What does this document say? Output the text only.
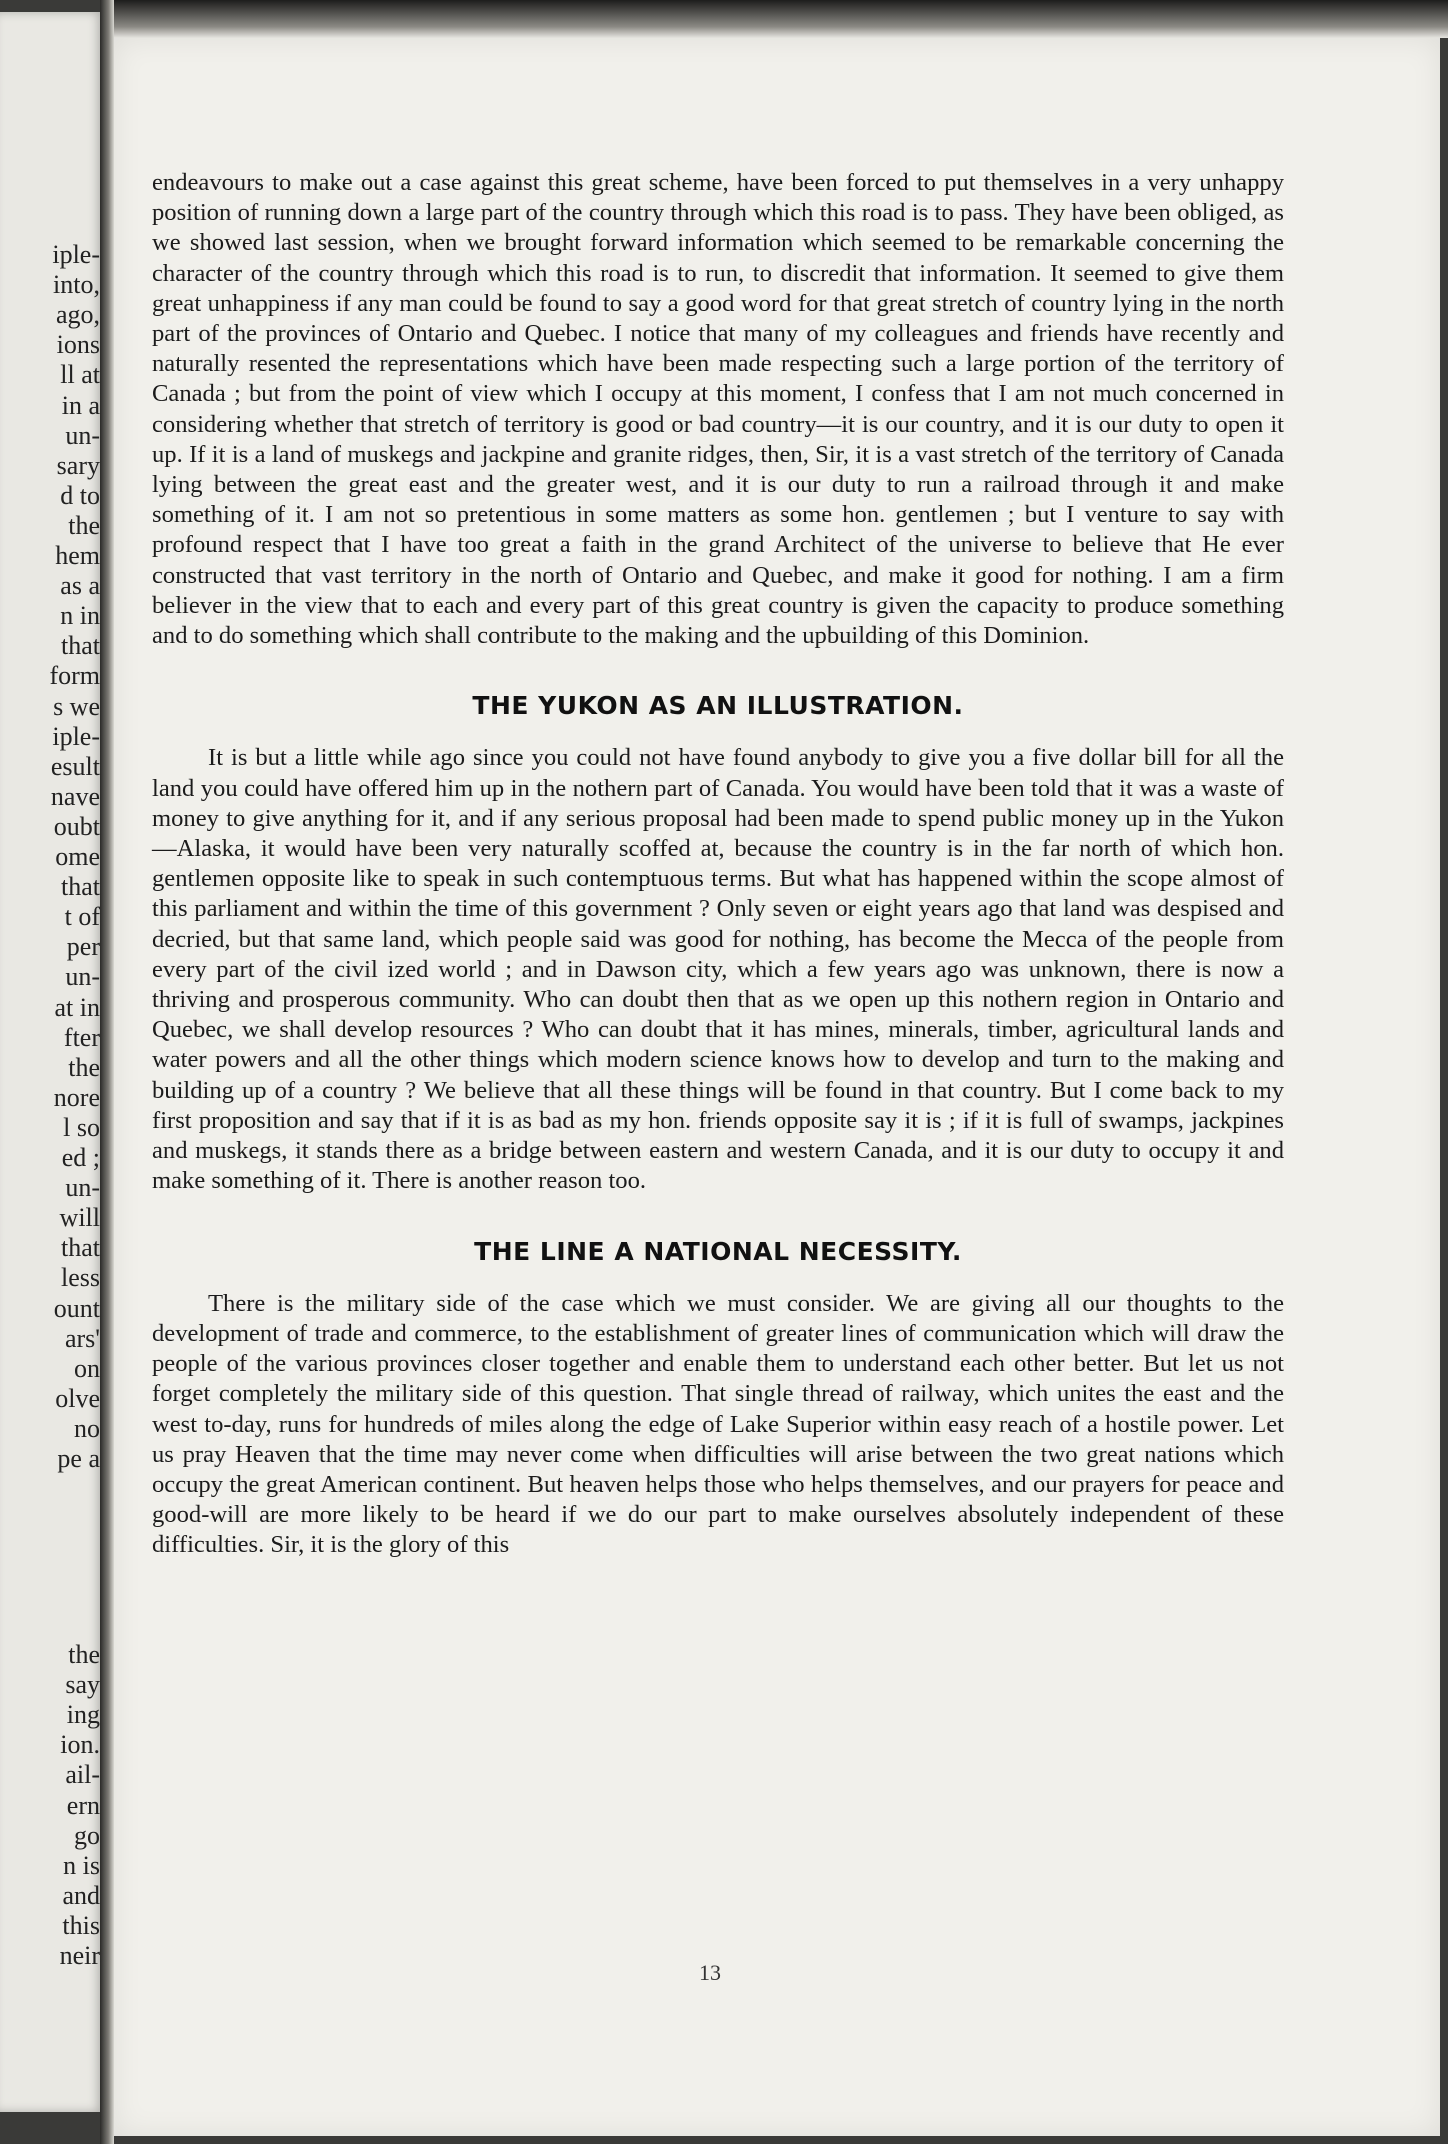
iple-
into,
ago,
ions
ll at
in a
un-
sary
d to
the
hem
as a
n in
that
form
s we
iple-
esult
nave
oubt
ome
that
t of
per
un-
at in
fter
the
nore
l so
ed ;
un-
will
that
less
ount
ars'
on
olve
no
pe a
the
say
ing
ion.
ail-
ern
go
n is
and
this
neir

endeavours to make out a case against this great scheme, have been forced to put themselves in a very unhappy position of running down a large part of the country through which this road is to pass. They have been obliged, as we showed last session, when we brought forward information which seemed to be remarkable concerning the character of the country through which this road is to run, to discredit that information. It seemed to give them great unhappiness if any man could be found to say a good word for that great stretch of country lying in the north part of the provinces of Ontario and Quebec. I notice that many of my colleagues and friends have recently and naturally resented the representations which have been made respecting such a large portion of the territory of Canada ; but from the point of view which I occupy at this moment, I confess that I am not much concerned in considering whether that stretch of territory is good or bad country—it is our country, and it is our duty to open it up. If it is a land of muskegs and jackpine and granite ridges, then, Sir, it is a vast stretch of the territory of Canada lying between the great east and the greater west, and it is our duty to run a railroad through it and make something of it. I am not so pretentious in some matters as some hon. gentlemen ; but I venture to say with profound respect that I have too great a faith in the grand Architect of the universe to believe that He ever constructed that vast territory in the north of Ontario and Quebec, and make it good for nothing. I am a firm believer in the view that to each and every part of this great country is given the capacity to produce something and to do something which shall contribute to the making and the upbuilding of this Dominion.

THE YUKON AS AN ILLUSTRATION.

It is but a little while ago since you could not have found anybody to give you a five dollar bill for all the land you could have offered him up in the nothern part of Canada. You would have been told that it was a waste of money to give anything for it, and if any serious proposal had been made to spend public money up in the Yukon—Alaska, it would have been very naturally scoffed at, because the country is in the far north of which hon. gentlemen opposite like to speak in such contemptuous terms. But what has happened within the scope almost of this parliament and within the time of this government ? Only seven or eight years ago that land was despised and decried, but that same land, which people said was good for nothing, has become the Mecca of the people from every part of the civil ized world ; and in Dawson city, which a few years ago was unknown, there is now a thriving and prosperous community. Who can doubt then that as we open up this nothern region in Ontario and Quebec, we shall develop resources ? Who can doubt that it has mines, minerals, timber, agricultural lands and water powers and all the other things which modern science knows how to develop and turn to the making and building up of a country ? We believe that all these things will be found in that country. But I come back to my first proposition and say that if it is as bad as my hon. friends opposite say it is ; if it is full of swamps, jackpines and muskegs, it stands there as a bridge between eastern and western Canada, and it is our duty to occupy it and make something of it. There is another reason too.

THE LINE A NATIONAL NECESSITY.

There is the military side of the case which we must consider. We are giving all our thoughts to the development of trade and commerce, to the establishment of greater lines of communication which will draw the people of the various provinces closer together and enable them to understand each other better. But let us not forget completely the military side of this question. That single thread of railway, which unites the east and the west to-day, runs for hundreds of miles along the edge of Lake Superior within easy reach of a hostile power. Let us pray Heaven that the time may never come when difficulties will arise between the two great nations which occupy the great American continent. But heaven helps those who helps themselves, and our prayers for peace and good-will are more likely to be heard if we do our part to make ourselves absolutely independent of these difficulties. Sir, it is the glory of this

13
